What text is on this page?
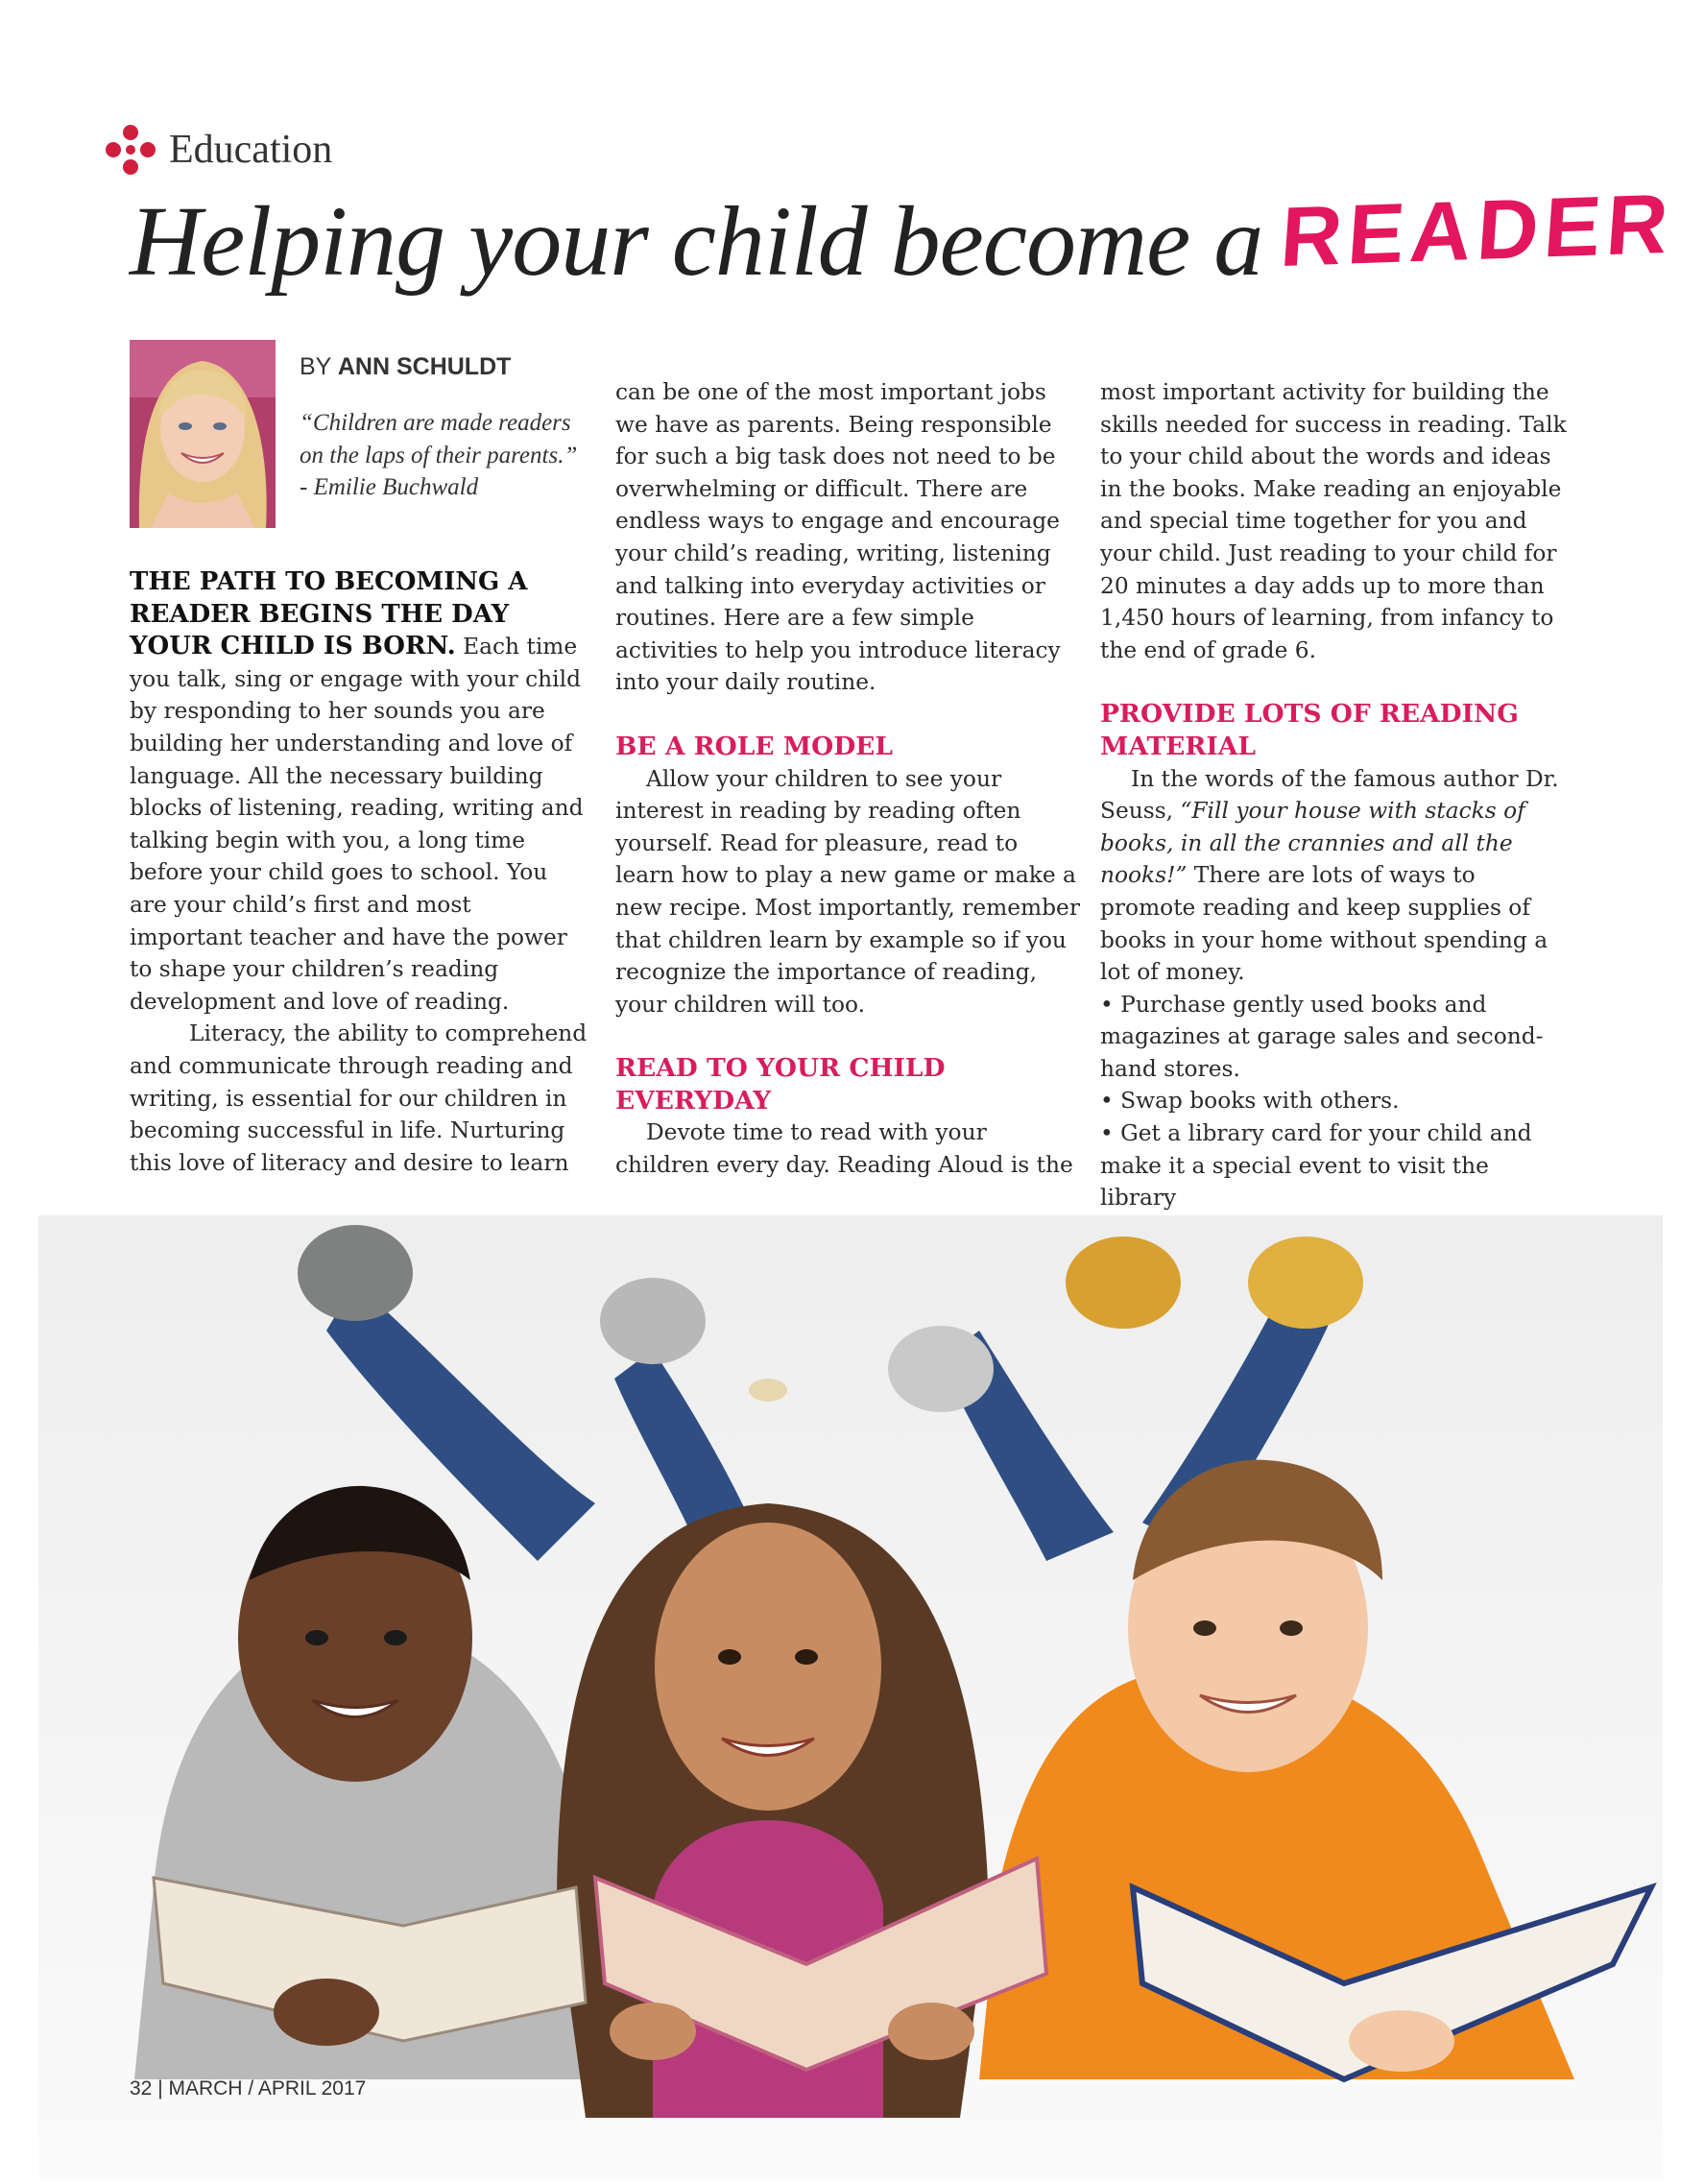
Education
Helping your child become a READER
BY ANN SCHULDT
“Children are made readers on the laps of their parents.” - Emilie Buchwald

THE PATH TO BECOMING A READER BEGINS THE DAY YOUR CHILD IS BORN. Each time you talk, sing or engage with your child by responding to her sounds you are building her understanding and love of language. All the necessary building blocks of listening, reading, writing and talking begin with you, a long time before your child goes to school. You are your child’s first and most important teacher and have the power to shape your children’s reading development and love of reading.

Literacy, the ability to comprehend and communicate through reading and writing, is essential for our children in becoming successful in life. Nurturing this love of literacy and desire to learn

can be one of the most important jobs we have as parents. Being responsible for such a big task does not need to be overwhelming or difficult. There are endless ways to engage and encourage your child’s reading, writing, listening and talking into everyday activities or routines. Here are a few simple activities to help you introduce literacy into your daily routine.

BE A ROLE MODEL

Allow your children to see your interest in reading by reading often yourself. Read for pleasure, read to learn how to play a new game or make a new recipe. Most importantly, remember that children learn by example so if you recognize the importance of reading, your children will too.

READ TO YOUR CHILD EVERYDAY

Devote time to read with your children every day. Reading Aloud is the

most important activity for building the skills needed for success in reading. Talk to your child about the words and ideas in the books. Make reading an enjoyable and special time together for you and your child. Just reading to your child for 20 minutes a day adds up to more than 1,450 hours of learning, from infancy to the end of grade 6.

PROVIDE LOTS OF READING MATERIAL

In the words of the famous author Dr. Seuss, “Fill your house with stacks of books, in all the crannies and all the nooks!” There are lots of ways to promote reading and keep supplies of books in your home without spending a lot of money.

• Purchase gently used books and magazines at garage sales and second-hand stores.

• Swap books with others.

• Get a library card for your child and make it a special event to visit the library

32 | MARCH / APRIL 2017
